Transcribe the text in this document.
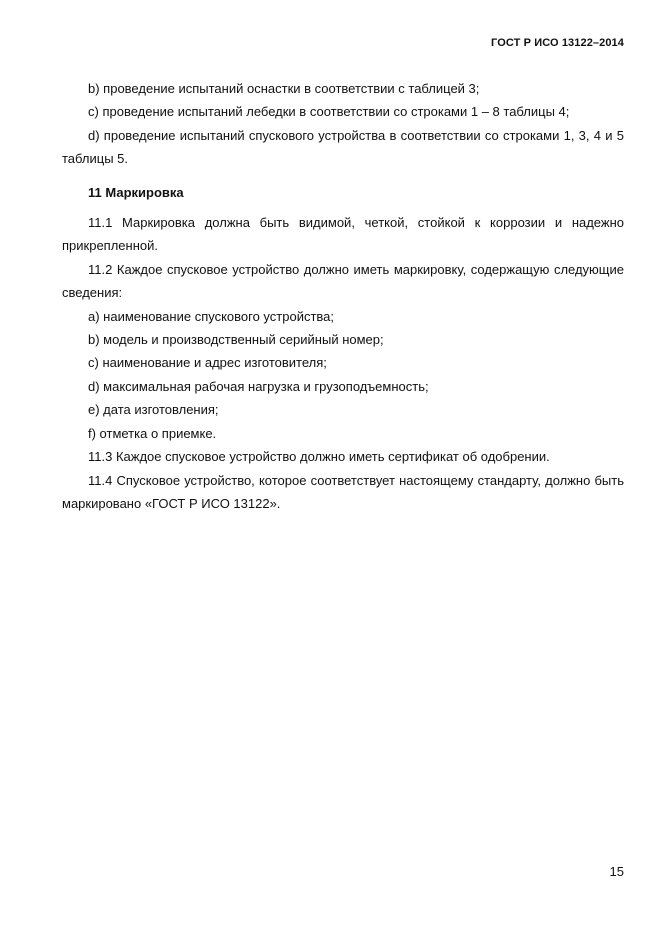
ГОСТ Р ИСО 13122–2014

b) проведение испытаний оснастки в соответствии с таблицей 3;

c) проведение испытаний лебедки в соответствии со строками 1 – 8 таблицы 4;

d) проведение испытаний спускового устройства в соответствии со строками 1, 3, 4 и 5 таблицы 5.

11 Маркировка

11.1 Маркировка должна быть видимой, четкой, стойкой к коррозии и надежно прикрепленной.

11.2 Каждое спусковое устройство должно иметь маркировку, содержащую следующие сведения:

a) наименование спускового устройства;

b) модель и производственный серийный номер;

c) наименование и адрес изготовителя;

d) максимальная рабочая нагрузка и грузоподъемность;

e) дата изготовления;

f) отметка о приемке.

11.3 Каждое спусковое устройство должно иметь сертификат об одобрении.

11.4 Спусковое устройство, которое соответствует настоящему стандарту, должно быть маркировано «ГОСТ Р ИСО 13122».

15
